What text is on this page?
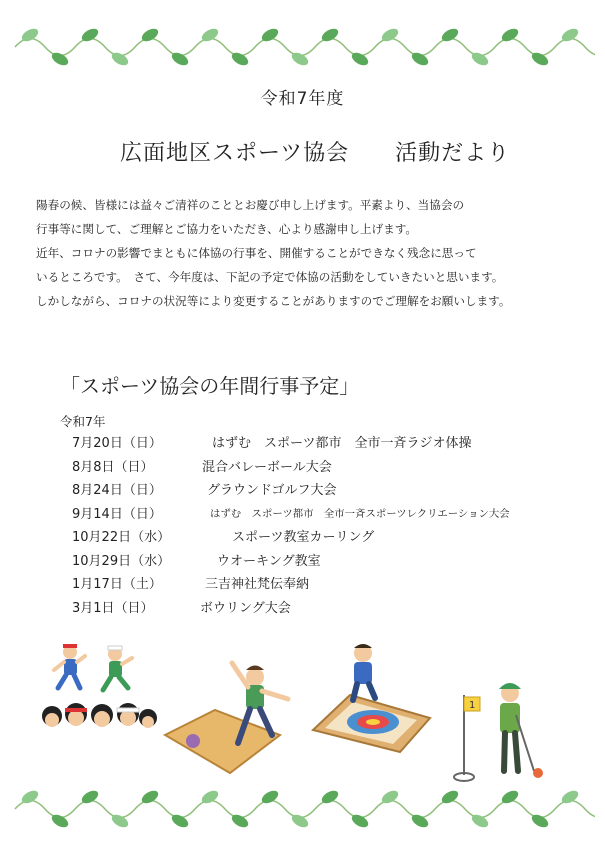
令和7年度
広面地区スポーツ協会 活動だより

陽春の候、皆様には益々ご清祥のこととお慶び申し上げます。平素より、当協会の

行事等に関して、ご理解とご協力をいただき、心より感謝申し上げます。

近年、コロナの影響でまともに体協の行事を、開催することができなく残念に思って

いるところです。　さて、今年度は、下記の予定で体協の活動をしていきたいと思います。

しかしながら、コロナの状況等により変更することがありますのでご理解をお願いします。

「スポーツ協会の年間行事予定」
令和7年
7月20日（日）	はずむ　スポーツ都市　全市一斉ラジオ体操
8月8日（日）	混合バレーボール大会
8月24日（日）	グラウンドゴルフ大会
9月14日（日）	はずむ　スポーツ都市　全市一斉スポーツレクリエーション大会
10月22日（水）	スポーツ教室カーリング
10月29日（水）	ウオーキング教室
1月17日（土）	三吉神社梵伝奉納
3月1日（日）	ボウリング大会
1
